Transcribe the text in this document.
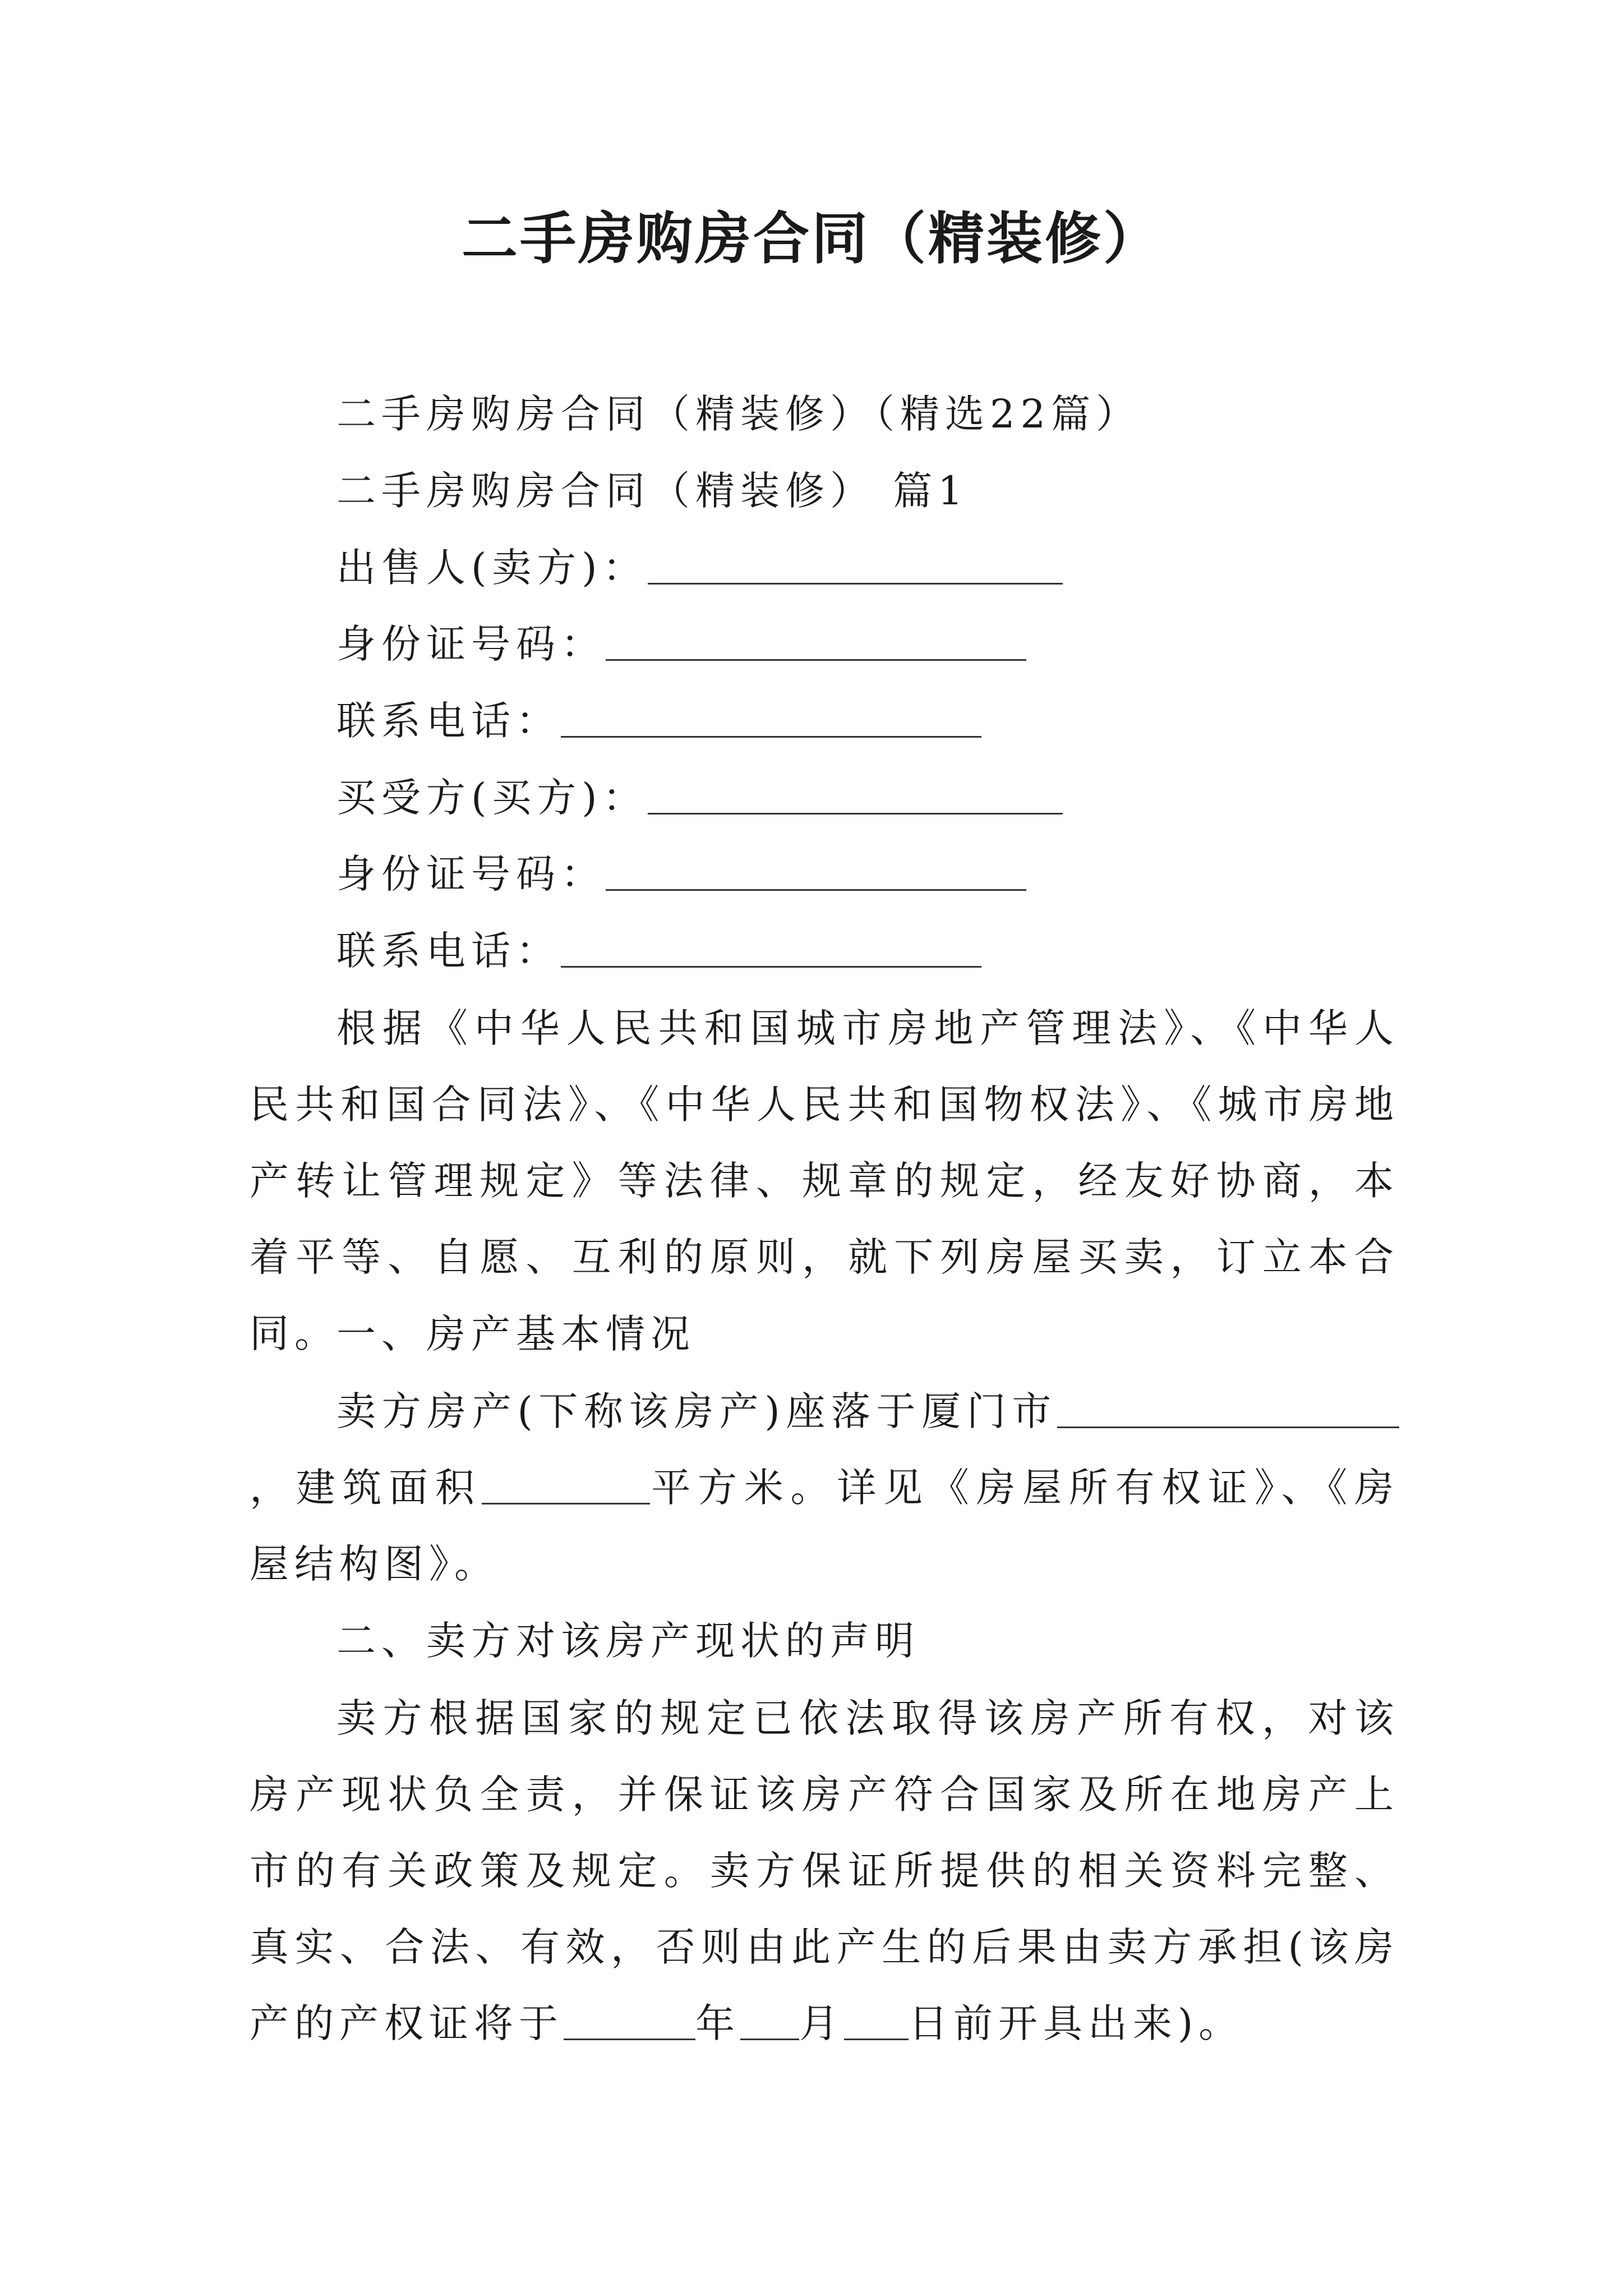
二手房购房合同（精装修）
二手房购房合同（精装修）（精选22篇）
二手房购房合同（精装修） 篇1
出售人(卖方)：
身份证号码：
联系电话：
买受方(买方)：
身份证号码：
联系电话：
根据《中华人民共和国城市房地产管理法》、《中华人民共和国合同法》、《中华人民共和国物权法》、《城市房地产转让管理规定》等法律、规章的规定，经友好协商，本着平等、自愿、互利的原则，就下列房屋买卖，订立本合同。
一、房产基本情况
卖方房产(下称该房产)座落于厦门市，建筑面积	平方米。详见《房屋所有权证》、《房屋结构图》。
二、卖方对该房产现状的声明
卖方根据国家的规定已依法取得该房产所有权，对该房产现状负全责，并保证该房产符合国家及所在地房产上市的有关政策及规定。卖方保证所提供的相关资料完整、真实、合法、有效，否则由此产生的后果由卖方承担(该房产的产权证将于	年 月 日前开具出来)。
